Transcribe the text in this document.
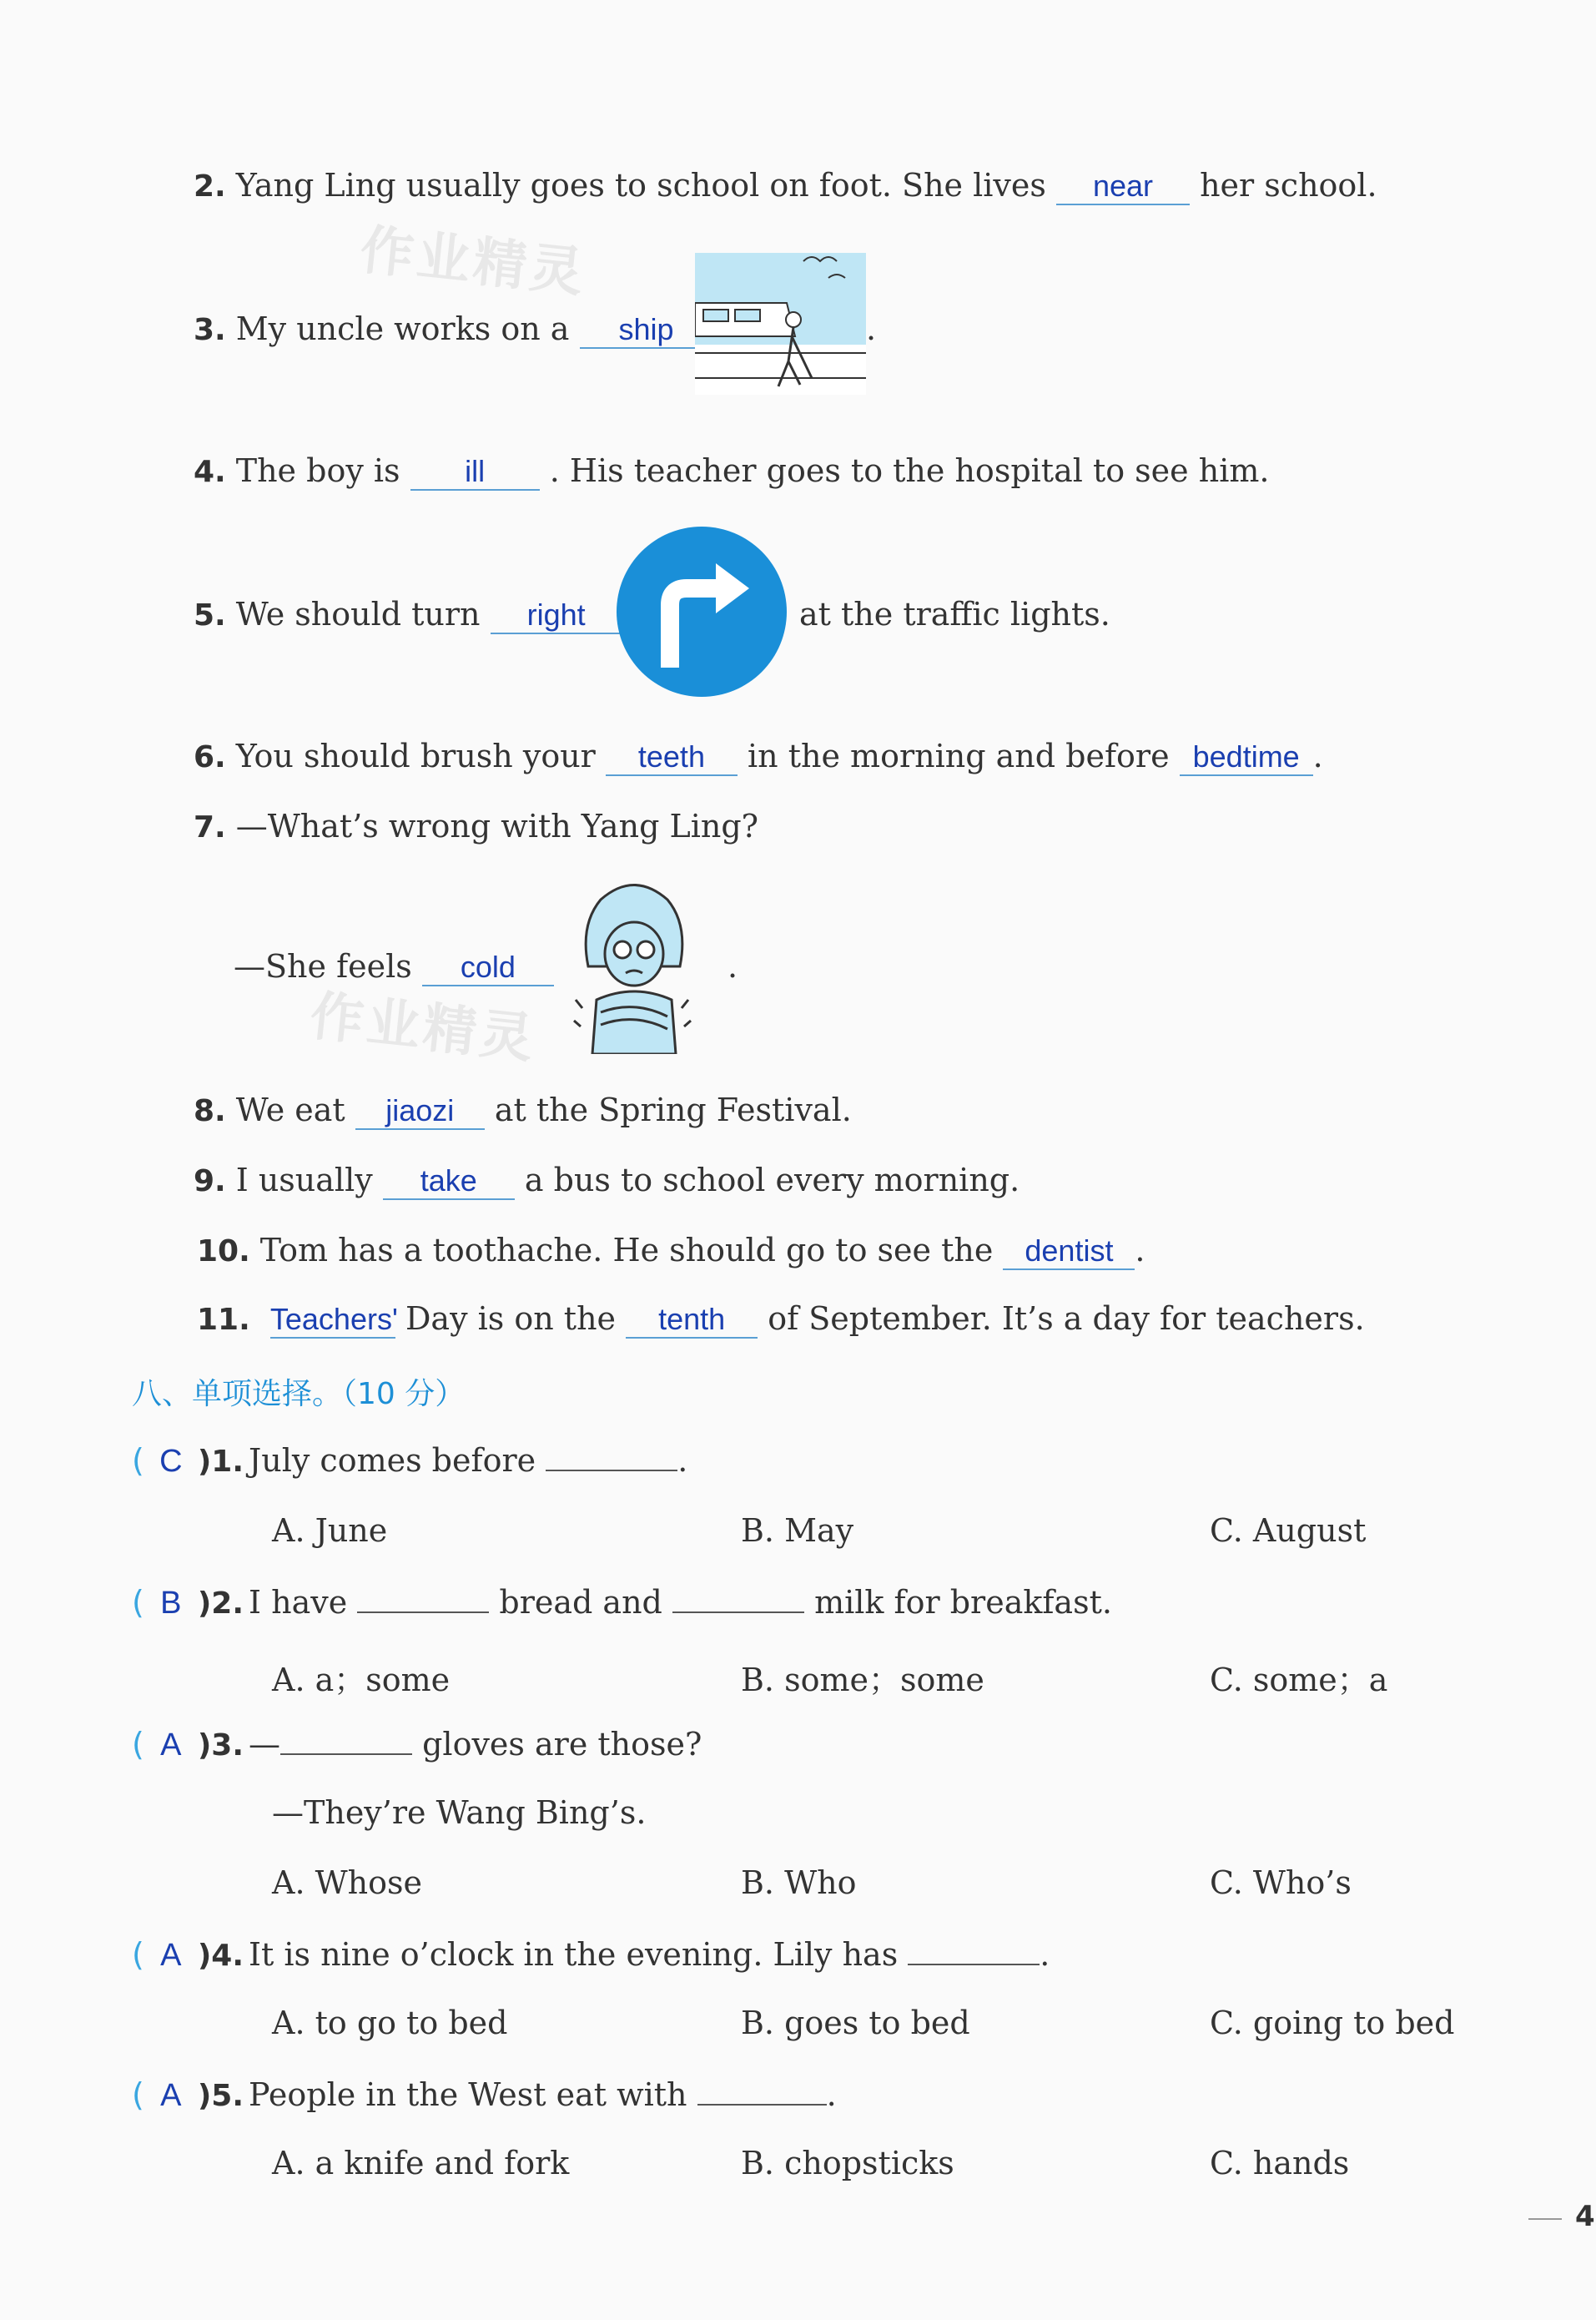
作业精灵
作业精灵
2. Yang Ling usually goes to school on foot. She lives near her school.
3. My uncle works on a ship	.
4. The boy is ill . His teacher goes to the hospital to see him.
5. We should turn right	at the traffic lights.
6. You should brush your teeth in the morning and before bedtime .
7. —What’s wrong with Yang Ling?
—She feels cold	.
8. We eat jiaozi at the Spring Festival.
9. I usually take a bus to school every morning.
10. Tom has a toothache. He should go to see the dentist .
11. Teachers' Day is on the tenth of September. It’s a day for teachers.
八、单项选择。（10 分）
( C )1. July comes before	.
A. June	B. May	C. August
( B )2. I have	bread and	milk for breakfast.
A. a；some	B. some；some	C. some；a
( A )3. —	gloves are those?
—They’re Wang Bing’s.
A. Whose	B. Who	C. Who’s
( A )4. It is nine o’clock in the evening. Lily has	.
A. to go to bed	B. goes to bed	C. going to bed
( A )5. People in the West eat with	.
A. a knife and fork	B. chopsticks	C. hands
4
